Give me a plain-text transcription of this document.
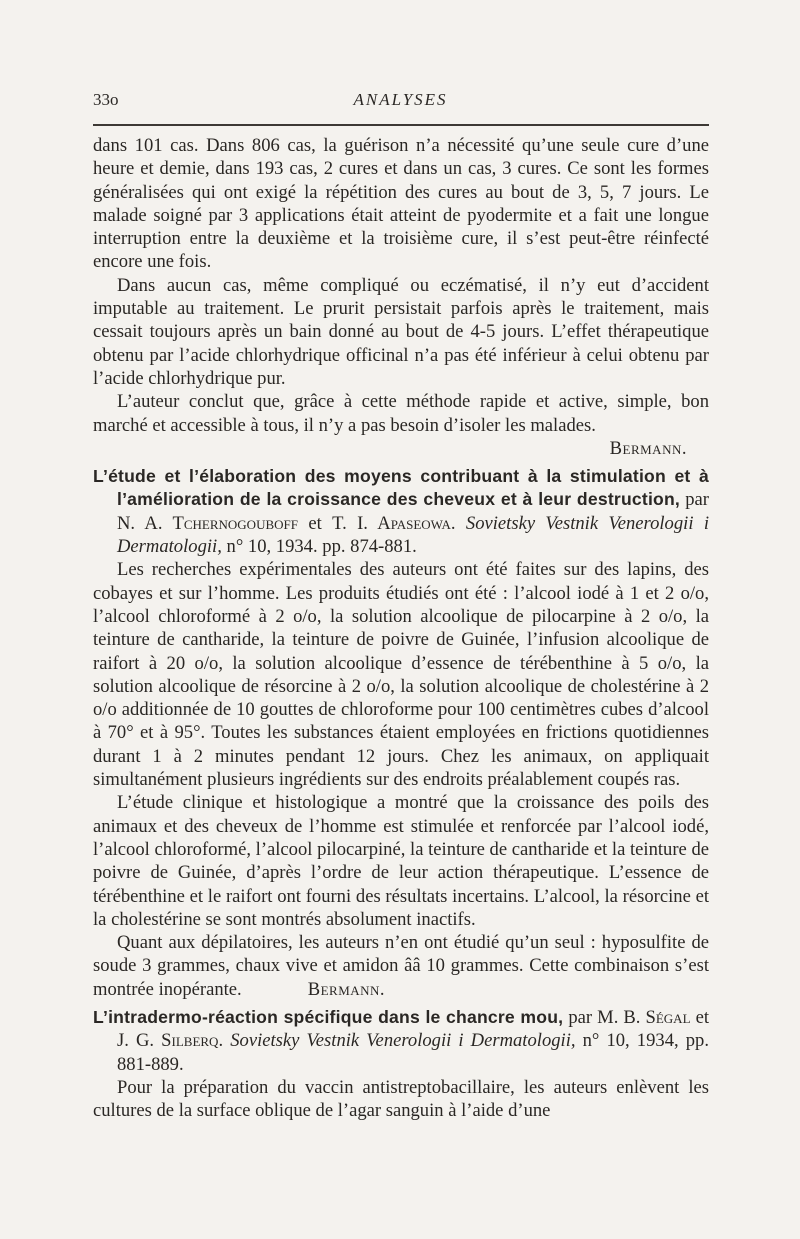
33o	ANALYSES

dans 101 cas. Dans 806 cas, la guérison n’a nécessité qu’une seule cure d’une heure et demie, dans 193 cas, 2 cures et dans un cas, 3 cures. Ce sont les formes généralisées qui ont exigé la répétition des cures au bout de 3, 5, 7 jours. Le malade soigné par 3 applications était atteint de pyodermite et a fait une longue interruption entre la deuxième et la troisième cure, il s’est peut-être réinfecté encore une fois.

Dans aucun cas, même compliqué ou eczématisé, il n’y eut d’accident imputable au traitement. Le prurit persistait parfois après le traitement, mais cessait toujours après un bain donné au bout de 4-5 jours. L’effet thérapeutique obtenu par l’acide chlorhydrique officinal n’a pas été inférieur à celui obtenu par l’acide chlorhydrique pur.

L’auteur conclut que, grâce à cette méthode rapide et active, simple, bon marché et accessible à tous, il n’y a pas besoin d’isoler les malades.

Bermann.

L’étude et l’élaboration des moyens contribuant à la stimulation et à l’amélioration de la croissance des cheveux et à leur destruction, par N. A. Tchernogouboff et T. I. Apaseowa. Sovietsky Vestnik Venerologii i Dermatologii, n° 10, 1934. pp. 874-881.

Les recherches expérimentales des auteurs ont été faites sur des lapins, des cobayes et sur l’homme. Les produits étudiés ont été : l’alcool iodé à 1 et 2 o/o, l’alcool chloroformé à 2 o/o, la solution alcoolique de pilocarpine à 2 o/o, la teinture de cantharide, la teinture de poivre de Guinée, l’infusion alcoolique de raifort à 20 o/o, la solution alcoolique d’essence de térébenthine à 5 o/o, la solution alcoolique de résorcine à 2 o/o, la solution alcoolique de cholestérine à 2 o/o additionnée de 10 gouttes de chloroforme pour 100 centimètres cubes d’alcool à 70° et à 95°. Toutes les substances étaient employées en frictions quotidiennes durant 1 à 2 minutes pendant 12 jours. Chez les animaux, on appliquait simultanément plusieurs ingrédients sur des endroits préalablement coupés ras.

L’étude clinique et histologique a montré que la croissance des poils des animaux et des cheveux de l’homme est stimulée et renforcée par l’alcool iodé, l’alcool chloroformé, l’alcool pilocarpiné, la teinture de cantharide et la teinture de poivre de Guinée, d’après l’ordre de leur action thérapeutique. L’essence de térébenthine et le raifort ont fourni des résultats incertains. L’alcool, la résorcine et la cholestérine se sont montrés absolument inactifs.

Quant aux dépilatoires, les auteurs n’en ont étudié qu’un seul : hyposulfite de soude 3 grammes, chaux vive et amidon ââ 10 grammes. Cette combinaison s’est montrée inopérante.	Bermann.

L’intradermo-réaction spécifique dans le chancre mou, par M. B. Ségal et J. G. Silberq. Sovietsky Vestnik Venerologii i Dermatologii, n° 10, 1934, pp. 881-889.

Pour la préparation du vaccin antistreptobacillaire, les auteurs enlèvent les cultures de la surface oblique de l’agar sanguin à l’aide d’une
